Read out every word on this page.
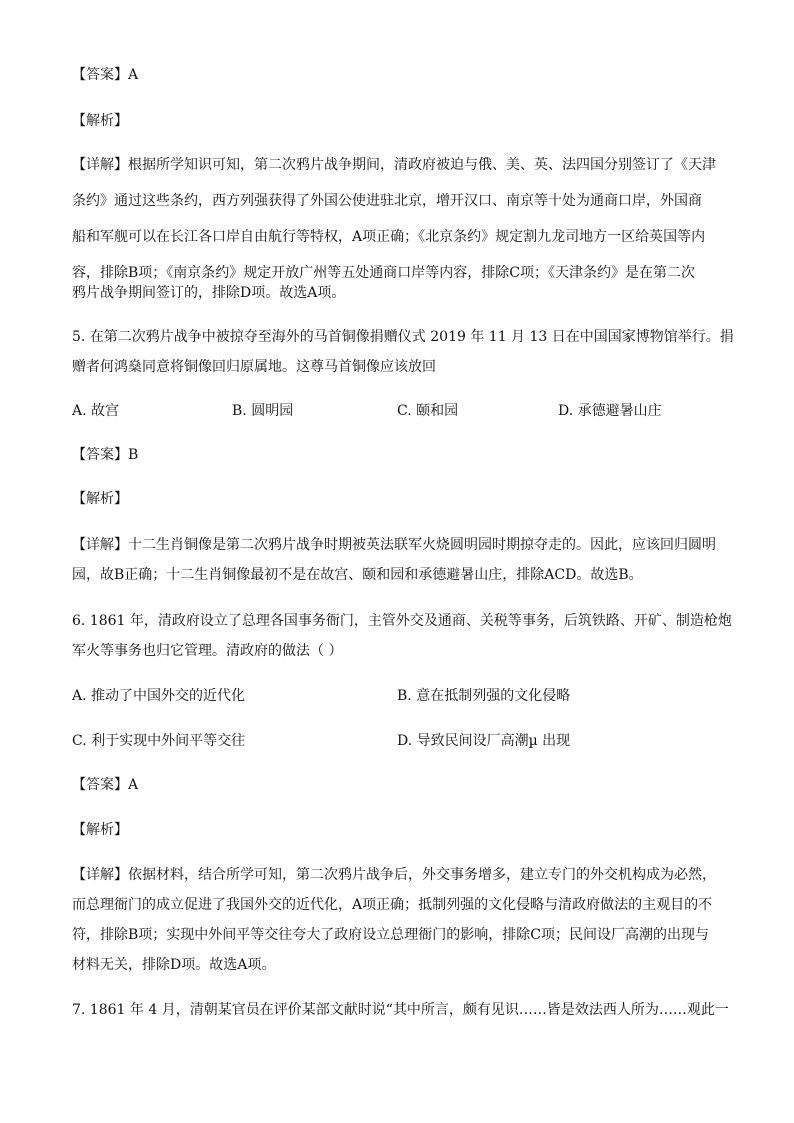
【答案】A
【解析】
【详解】根据所学知识可知，第二次鸦片战争期间，清政府被迫与俄、美、英、法四国分别签订了《天津
条约》通过这些条约，西方列强获得了外国公使进驻北京，增开汉口、南京等十处为通商口岸，外国商
船和军舰可以在长江各口岸自由航行等特权，A项正确；《北京条约》规定割九龙司地方一区给英国等内
容，排除B项；《南京条约》规定开放广州等五处通商口岸等内容，排除C项；《天津条约》是在第二次
鸦片战争期间签订的，排除D项。故选A项。
5. 在第二次鸦片战争中被掠夺至海外的马首铜像捐赠仪式 2019 年 11 月 13 日在中国国家博物馆举行。捐
赠者何鸿燊同意将铜像回归原属地。这尊马首铜像应该放回
A. 故宫	B. 圆明园	C. 颐和园	D. 承德避暑山庄
【答案】B
【解析】
【详解】十二生肖铜像是第二次鸦片战争时期被英法联军火烧圆明园时期掠夺走的。因此，应该回归圆明
园，故B正确；十二生肖铜像最初不是在故宫、颐和园和承德避暑山庄，排除ACD。故选B。
6. 1861 年，清政府设立了总理各国事务衙门，主管外交及通商、关税等事务，后筑铁路、开矿、制造枪炮
军火等事务也归它管理。清政府的做法（ ）
A. 推动了中国外交的近代化	B. 意在抵制列强的文化侵略
C. 利于实现中外间平等交往	D. 导致民间设厂高潮µ 出现
【答案】A
【解析】
【详解】依据材料，结合所学可知，第二次鸦片战争后，外交事务增多，建立专门的外交机构成为必然，
而总理衙门的成立促进了我国外交的近代化，A项正确；抵制列强的文化侵略与清政府做法的主观目的不
符，排除B项；实现中外间平等交往夸大了政府设立总理衙门的影响，排除C项；民间设厂高潮的出现与
材料无关，排除D项。故选A项。
7. 1861 年 4 月，清朝某官员在评价某部文献时说“其中所言，颇有见识……皆是效法西人所为……观此一
